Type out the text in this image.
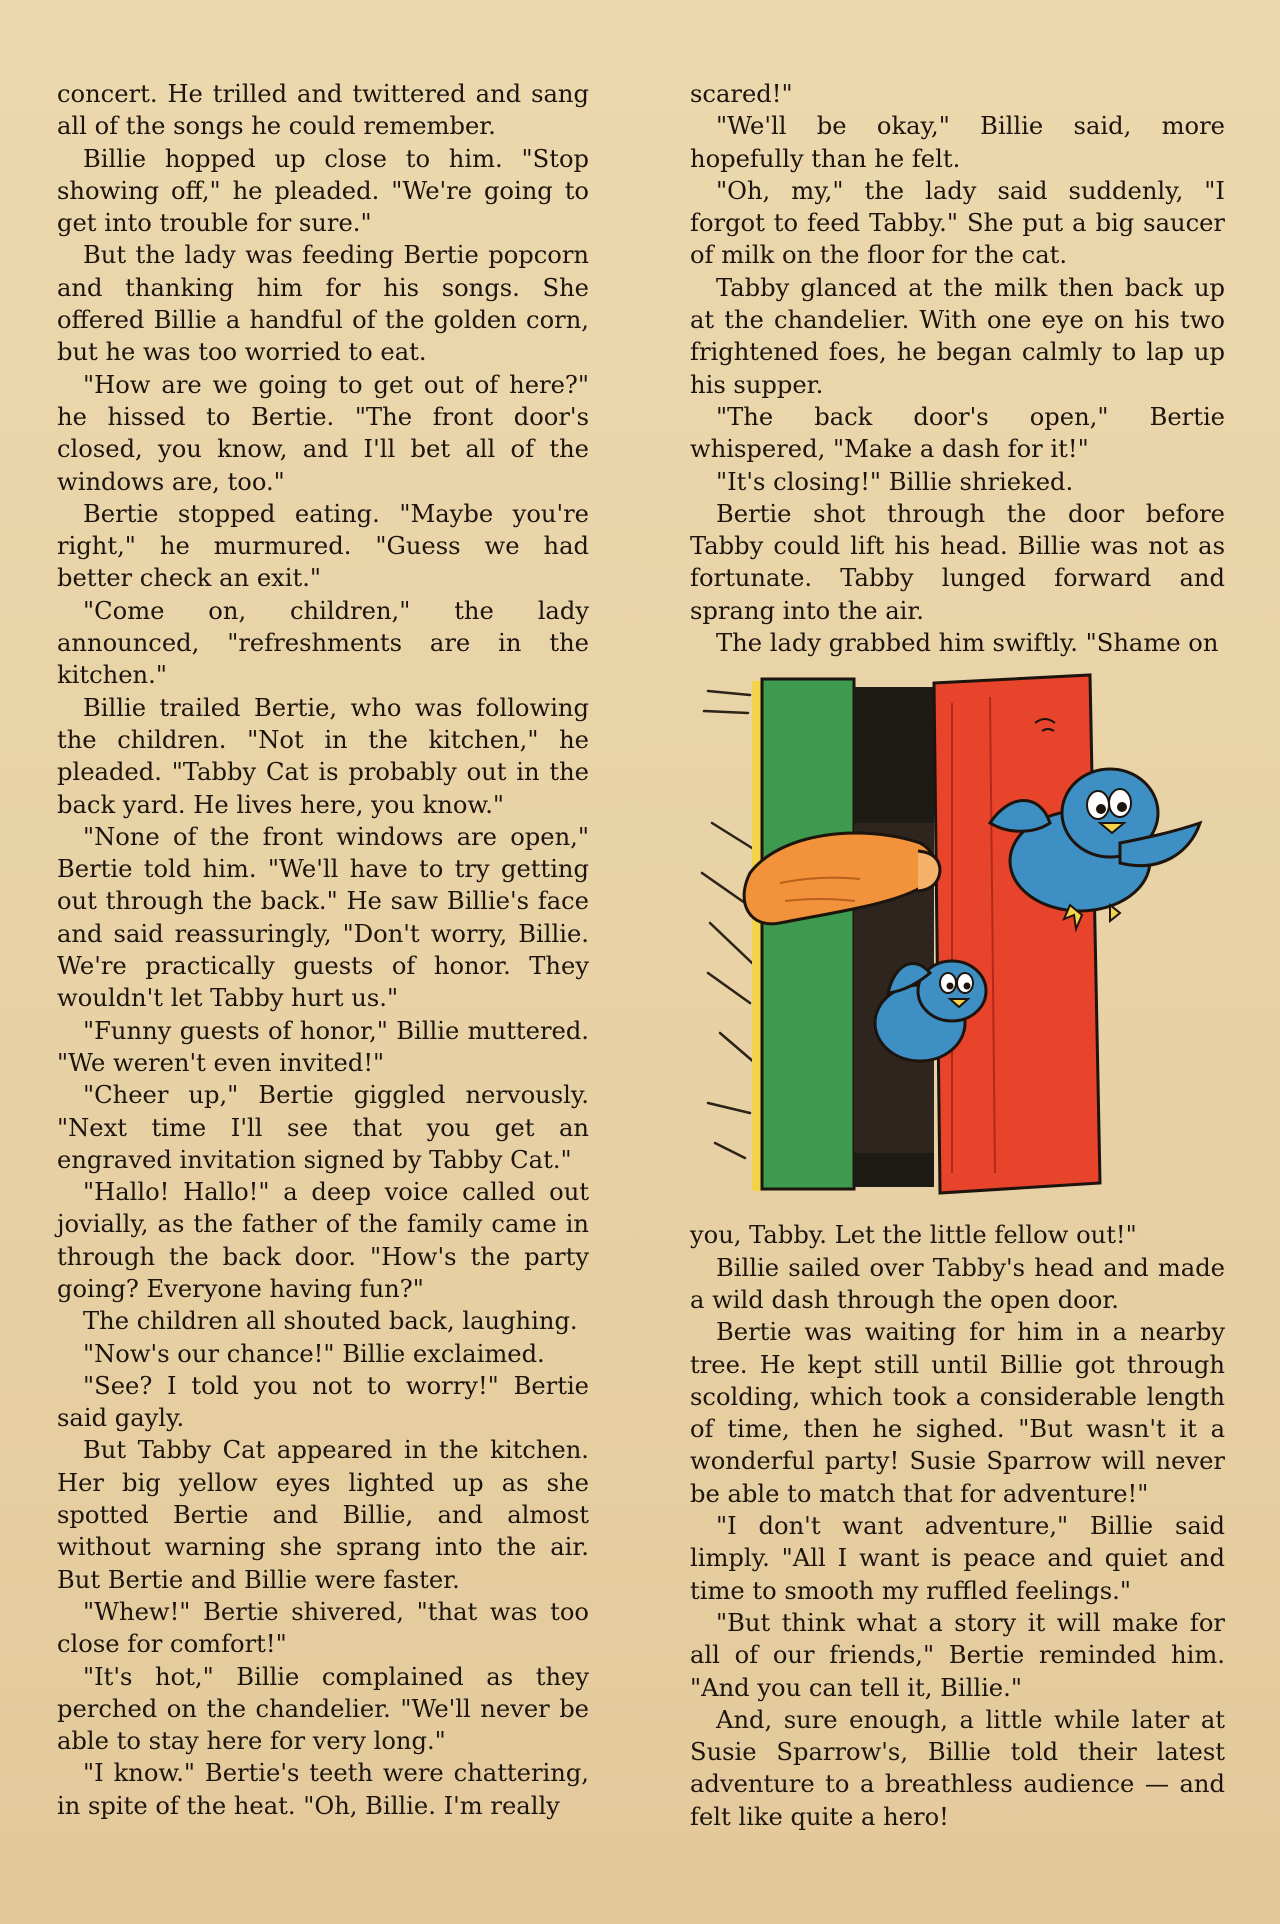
concert. He trilled and twittered and sang all of the songs he could remember.

Billie hopped up close to him. "Stop showing off," he pleaded. "We're going to get into trouble for sure."

But the lady was feeding Bertie popcorn and thanking him for his songs. She offered Billie a handful of the golden corn, but he was too worried to eat.

"How are we going to get out of here?" he hissed to Bertie. "The front door's closed, you know, and I'll bet all of the windows are, too."

Bertie stopped eating. "Maybe you're right," he murmured. "Guess we had better check an exit."

"Come on, children," the lady announced, "refreshments are in the kitchen."

Billie trailed Bertie, who was following the children. "Not in the kitchen," he pleaded. "Tabby Cat is probably out in the back yard. He lives here, you know."

"None of the front windows are open," Bertie told him. "We'll have to try getting out through the back." He saw Billie's face and said reassuringly, "Don't worry, Billie. We're practically guests of honor. They wouldn't let Tabby hurt us."

"Funny guests of honor," Billie muttered. "We weren't even invited!"

"Cheer up," Bertie giggled nervously. "Next time I'll see that you get an engraved invitation signed by Tabby Cat."

"Hallo! Hallo!" a deep voice called out jovially, as the father of the family came in through the back door. "How's the party going? Everyone having fun?"

The children all shouted back, laughing.

"Now's our chance!" Billie exclaimed.

"See? I told you not to worry!" Bertie said gayly.

But Tabby Cat appeared in the kitchen. Her big yellow eyes lighted up as she spotted Bertie and Billie, and almost without warning she sprang into the air. But Bertie and Billie were faster.

"Whew!" Bertie shivered, "that was too close for comfort!"

"It's hot," Billie complained as they perched on the chandelier. "We'll never be able to stay here for very long."

"I know." Bertie's teeth were chattering, in spite of the heat. "Oh, Billie. I'm really

scared!"

"We'll be okay," Billie said, more hopefully than he felt.

"Oh, my," the lady said suddenly, "I forgot to feed Tabby." She put a big saucer of milk on the floor for the cat.

Tabby glanced at the milk then back up at the chandelier. With one eye on his two frightened foes, he began calmly to lap up his supper.

"The back door's open," Bertie whispered, "Make a dash for it!"

"It's closing!" Billie shrieked.

Bertie shot through the door before Tabby could lift his head. Billie was not as fortunate. Tabby lunged forward and sprang into the air.

The lady grabbed him swiftly. "Shame on

you, Tabby. Let the little fellow out!"

Billie sailed over Tabby's head and made a wild dash through the open door.

Bertie was waiting for him in a nearby tree. He kept still until Billie got through scolding, which took a considerable length of time, then he sighed. "But wasn't it a wonderful party! Susie Sparrow will never be able to match that for adventure!"

"I don't want adventure," Billie said limply. "All I want is peace and quiet and time to smooth my ruffled feelings."

"But think what a story it will make for all of our friends," Bertie reminded him. "And you can tell it, Billie."

And, sure enough, a little while later at Susie Sparrow's, Billie told their latest adventure to a breathless audience — and felt like quite a hero!
